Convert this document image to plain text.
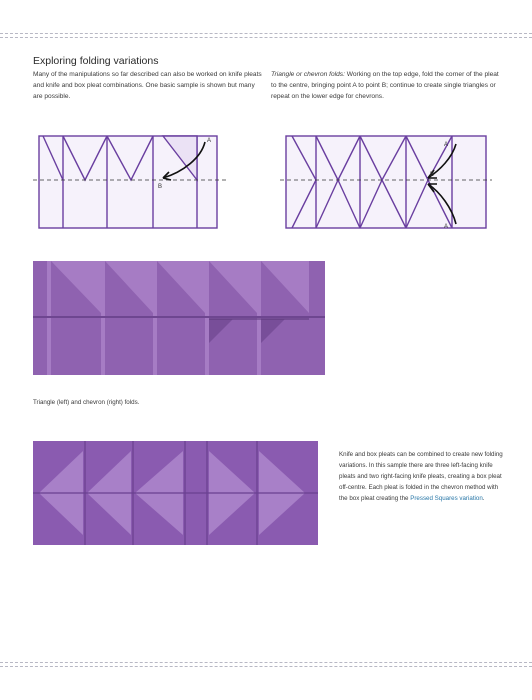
Exploring folding variations
Many of the manipulations so far described can also be worked on knife pleats and knife and box pleat combinations. One basic sample is shown but many are possible.
Triangle or chevron folds: Working on the top edge, fold the corner of the pleat to the centre, bringing point A to point B; continue to create single triangles or repeat on the lower edge for chevrons.
A
B
A
B
A
Triangle (left) and chevron (right) folds.
Knife and box pleats can be combined to create new folding variations. In this sample there are three left-facing knife pleats and two right-facing knife pleats, creating a box pleat off-centre. Each pleat is folded in the chevron method with the box pleat creating the Pressed Squares variation.
